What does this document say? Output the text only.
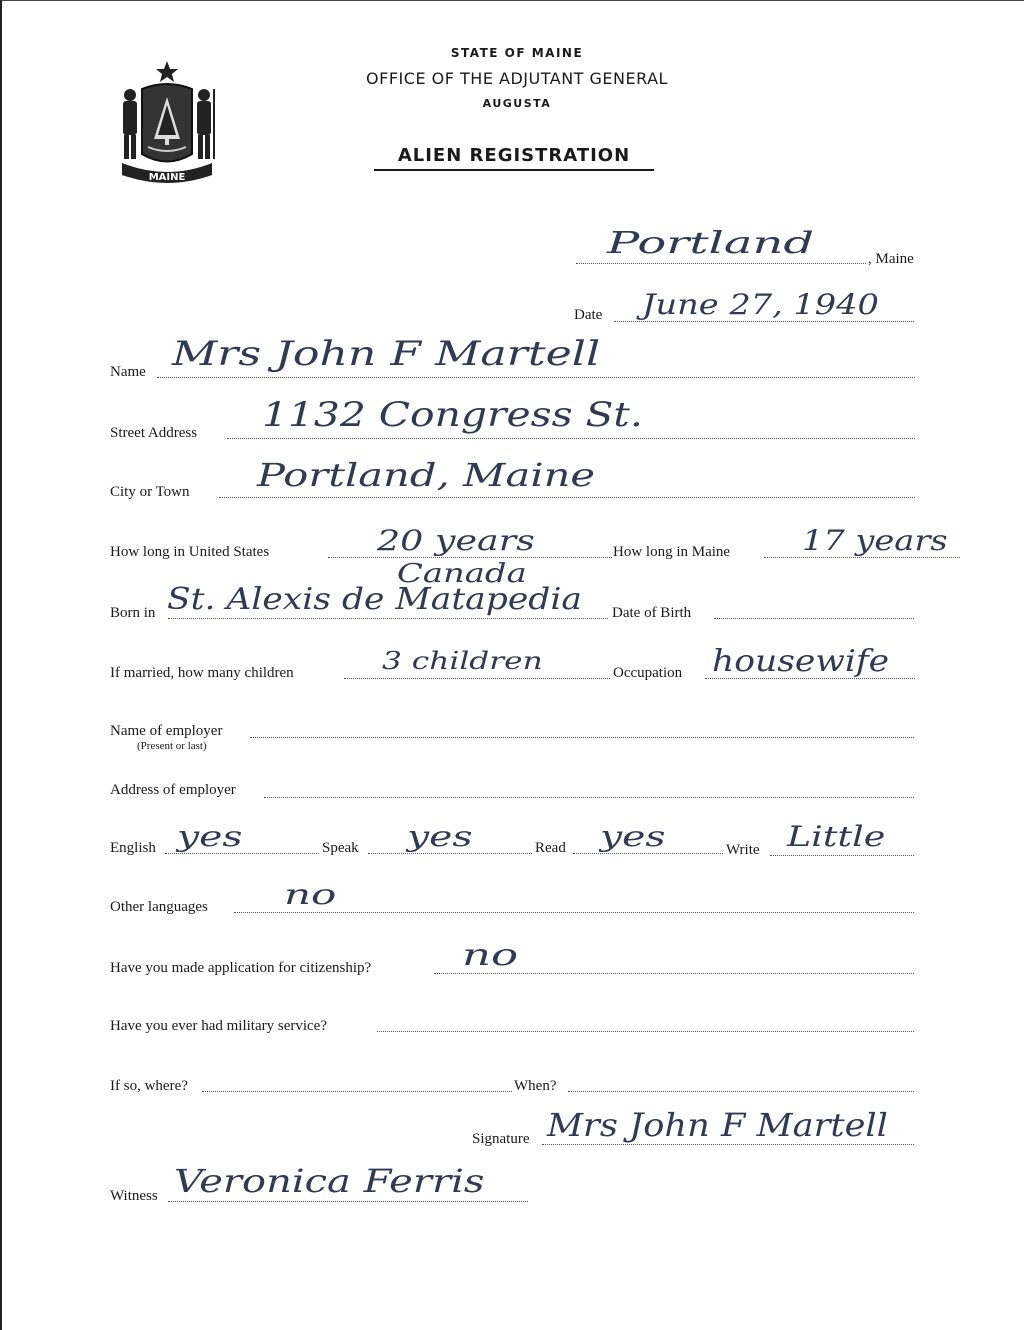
MAINE
STATE OF MAINE
OFFICE OF THE ADJUTANT GENERAL
AUGUSTA
ALIEN REGISTRATION
Portland	, Maine
Date June 27, 1940
Name Mrs John F Martell
Street Address 1132 Congress St.
City or Town Portland, Maine
How long in United States	20 years	How long in Maine	17 years
Canada
Born in St. Alexis de Matapedia Date of Birth
If married, how many children	3 children	Occupation housewife
Name of employer
(Present or last)
Address of employer
English yes	Speak yes	Read yes	Write Little
Other languages	no
Have you made application for citizenship?	no
Have you ever had military service?
If so, where?	When?
Signature Mrs John F Martell
Witness Veronica Ferris
